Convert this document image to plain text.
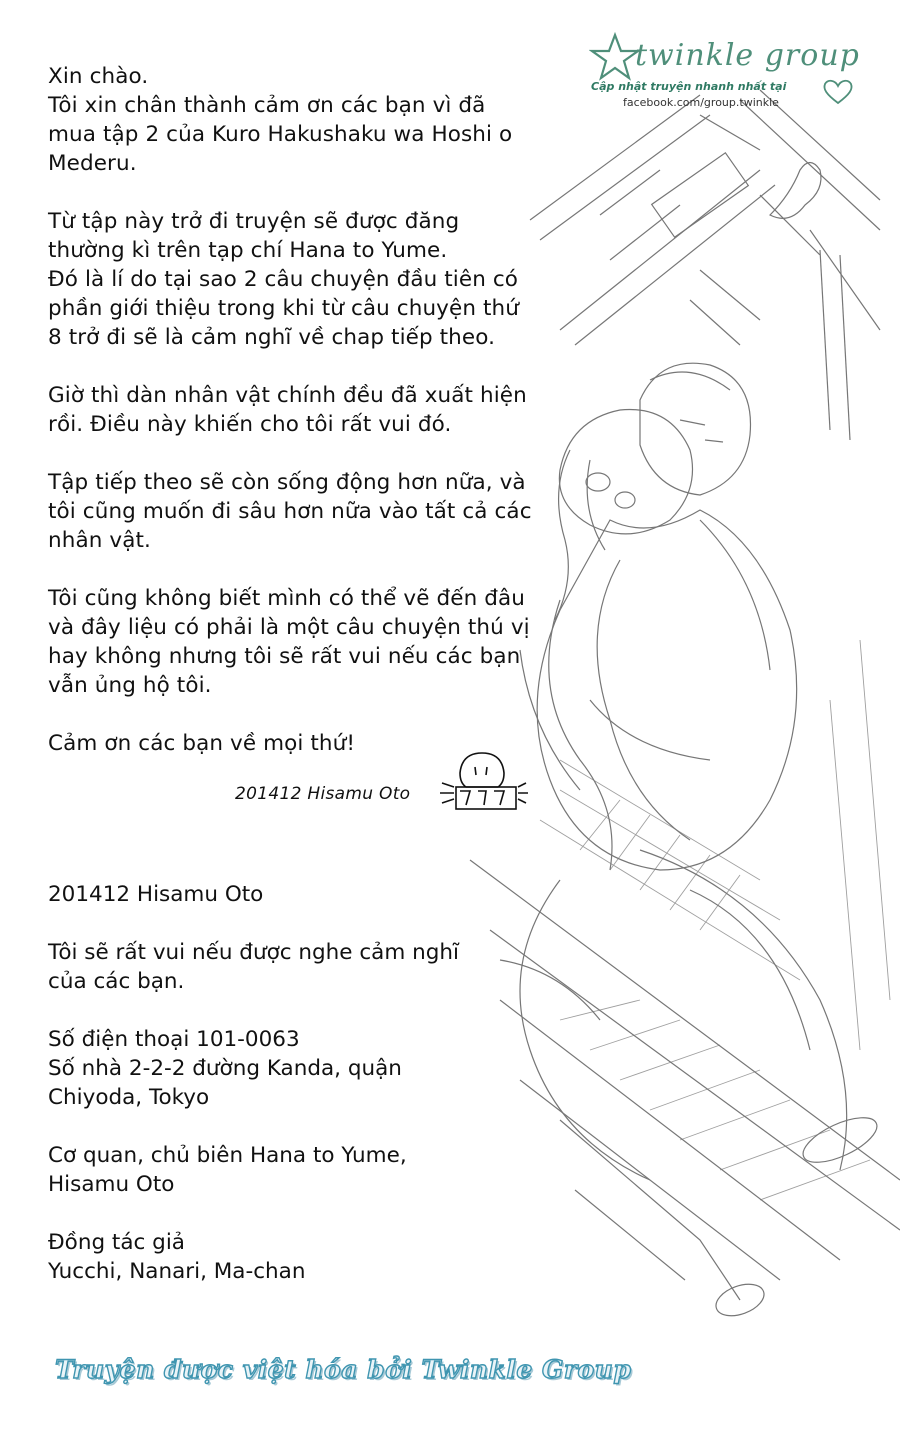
Xin chào.

Tôi xin chân thành cảm ơn các bạn vì đã mua tập 2 của Kuro Hakushaku wa Hoshi o Mederu.

Từ tập này trở đi truyện sẽ được đăng thường kì trên tạp chí Hana to Yume.

Đó là lí do tại sao 2 câu chuyện đầu tiên có phần giới thiệu trong khi từ câu chuyện thứ 8 trở đi sẽ là cảm nghĩ về chap tiếp theo.

Giờ thì dàn nhân vật chính đều đã xuất hiện rồi. Điều này khiến cho tôi rất vui đó.

Tập tiếp theo sẽ còn sống động hơn nữa, và tôi cũng muốn đi sâu hơn nữa vào tất cả các nhân vật.

Tôi cũng không biết mình có thể vẽ đến đâu và đây liệu có phải là một câu chuyện thú vị hay không nhưng tôi sẽ rất vui nếu các bạn vẫn ủng hộ tôi.

Cảm ơn các bạn về mọi thứ!

201412 Hisamu Oto

201412 Hisamu Oto

Tôi sẽ rất vui nếu được nghe cảm nghĩ của các bạn.

Số điện thoại 101-0063

Số nhà 2-2-2 đường Kanda, quận Chiyoda, Tokyo

Cơ quan, chủ biên Hana to Yume, Hisamu Oto

Đồng tác giả

Yucchi, Nanari, Ma-chan

twinkle group
Cập nhật truyện nhanh nhất tại
facebook.com/group.twinkle
Truyện được việt hóa bởi Twinkle Group
